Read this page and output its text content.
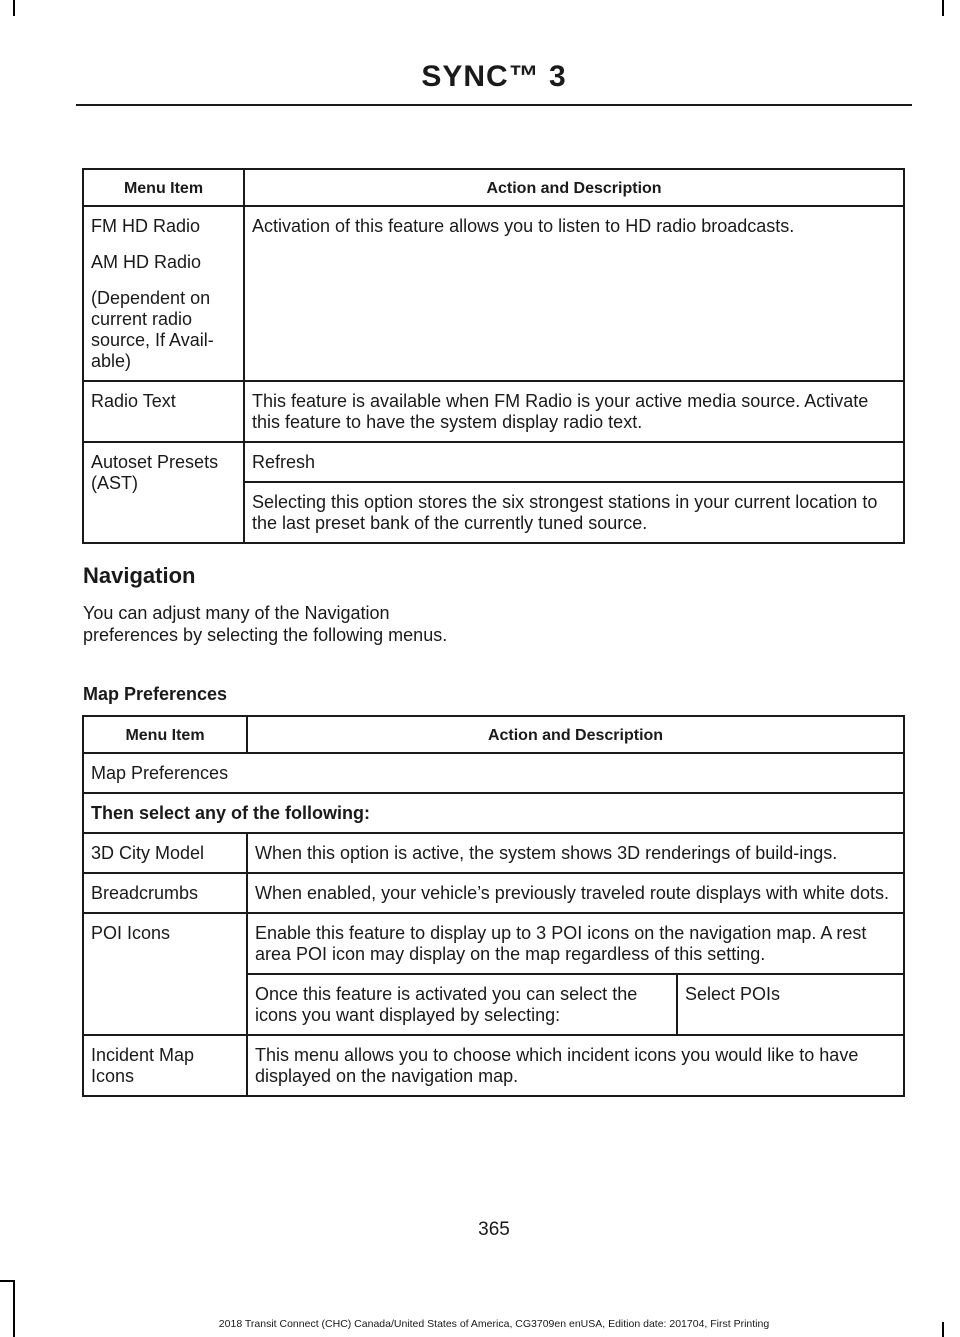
SYNC™ 3
Menu Item	Action and Description

FM HD Radio

AM HD Radio

(Dependent on current radio source, If Avail-able)	Activation of this feature allows you to listen to HD radio broadcasts.
Radio Text	This feature is available when FM Radio is your active media source. Activate this feature to have the system display radio text.
Autoset Presets (AST)	Refresh
	Selecting this option stores the six strongest stations in your current location to the last preset bank of the currently tuned source.
Navigation
You can adjust many of the Navigation preferences by selecting the following menus.
Map Preferences
Menu Item	Action and Description	
Map Preferences		
Then select any of the following:		
3D City Model	When this option is active, the system shows 3D renderings of build-ings.	
Breadcrumbs	When enabled, your vehicle’s previously traveled route displays with white dots.	
POI Icons	Enable this feature to display up to 3 POI icons on the navigation map. A rest area POI icon may display on the map regardless of this setting.	
	Once this feature is activated you can select the icons you want displayed by selecting:	Select POIs
Incident Map Icons	This menu allows you to choose which incident icons you would like to have displayed on the navigation map.	
365
2018 Transit Connect (CHC) Canada/United States of America, CG3709en enUSA, Edition date: 201704, First Printing
